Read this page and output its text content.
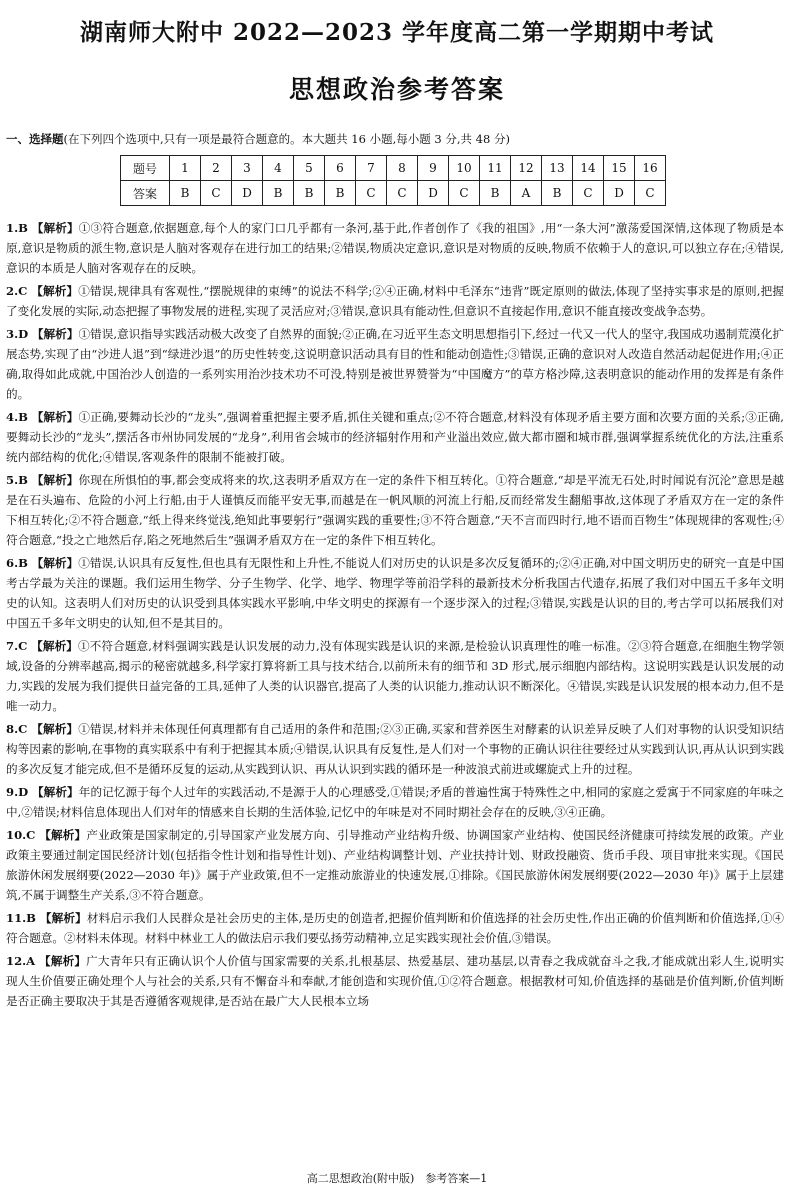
湖南师大附中 2022—2023 学年度高二第一学期期中考试
思想政治参考答案
一、选择题(在下列四个选项中,只有一项是最符合题意的。本大题共 16 小题,每小题 3 分,共 48 分)
题号	1	2	3	4	5	6	7	8	9	10	11	12	13	14	15	16
答案	B	C	D	B	B	B	C	C	D	C	B	A	B	C	D	C
1.B 【解析】①③符合题意,依据题意,每个人的家门口几乎都有一条河,基于此,作者创作了《我的祖国》,用“一条大河”激荡爱国深情,这体现了物质是本原,意识是物质的派生物,意识是人脑对客观存在进行加工的结果;②错误,物质决定意识,意识是对物质的反映,物质不依赖于人的意识,可以独立存在;④错误,意识的本质是人脑对客观存在的反映。
2.C 【解析】①错误,规律具有客观性,“摆脱规律的束缚”的说法不科学;②④正确,材料中毛泽东“违背”既定原则的做法,体现了坚持实事求是的原则,把握了变化发展的实际,动态把握了事物发展的进程,实现了灵活应对;③错误,意识具有能动性,但意识不直接起作用,意识不能直接改变战争态势。
3.D 【解析】①错误,意识指导实践活动极大改变了自然界的面貌;②正确,在习近平生态文明思想指引下,经过一代又一代人的坚守,我国成功遏制荒漠化扩展态势,实现了由“沙进人退”到“绿进沙退”的历史性转变,这说明意识活动具有目的性和能动创造性;③错误,正确的意识对人改造自然活动起促进作用;④正确,取得如此成就,中国治沙人创造的一系列实用治沙技术功不可没,特别是被世界赞誉为“中国魔方”的草方格沙障,这表明意识的能动作用的发挥是有条件的。
4.B 【解析】①正确,要舞动长沙的“龙头”,强调着重把握主要矛盾,抓住关键和重点;②不符合题意,材料没有体现矛盾主要方面和次要方面的关系;③正确,要舞动长沙的“龙头”,摆活各市州协同发展的“龙身”,利用省会城市的经济辐射作用和产业溢出效应,做大都市圈和城市群,强调掌握系统优化的方法,注重系统内部结构的优化;④错误,客观条件的限制不能被打破。
5.B 【解析】你现在所惧怕的事,都会变成将来的坎,这表明矛盾双方在一定的条件下相互转化。①符合题意,“却是平流无石处,时时闻说有沉沦”意思是越是在石头遍布、危险的小河上行船,由于人谨慎反而能平安无事,而越是在一帆风顺的河流上行船,反而经常发生翻船事故,这体现了矛盾双方在一定的条件下相互转化;②不符合题意,“纸上得来终觉浅,绝知此事要躬行”强调实践的重要性;③不符合题意,“天不言而四时行,地不语而百物生”体现规律的客观性;④符合题意,“投之亡地然后存,陷之死地然后生”强调矛盾双方在一定的条件下相互转化。
6.B 【解析】①错误,认识具有反复性,但也具有无限性和上升性,不能说人们对历史的认识是多次反复循环的;②④正确,对中国文明历史的研究一直是中国考古学最为关注的课题。我们运用生物学、分子生物学、化学、地学、物理学等前沿学科的最新技术分析我国古代遗存,拓展了我们对中国五千多年文明史的认知。这表明人们对历史的认识受到具体实践水平影响,中华文明史的探源有一个逐步深入的过程;③错误,实践是认识的目的,考古学可以拓展我们对中国五千多年文明史的认知,但不是其目的。
7.C 【解析】①不符合题意,材料强调实践是认识发展的动力,没有体现实践是认识的来源,是检验认识真理性的唯一标准。②③符合题意,在细胞生物学领域,设备的分辨率越高,揭示的秘密就越多,科学家打算将新工具与技术结合,以前所未有的细节和 3D 形式,展示细胞内部结构。这说明实践是认识发展的动力,实践的发展为我们提供日益完备的工具,延伸了人类的认识器官,提高了人类的认识能力,推动认识不断深化。④错误,实践是认识发展的根本动力,但不是唯一动力。
8.C 【解析】①错误,材料并未体现任何真理都有自己适用的条件和范围;②③正确,买家和营养医生对酵素的认识差异反映了人们对事物的认识受知识结构等因素的影响,在事物的真实联系中有利于把握其本质;④错误,认识具有反复性,是人们对一个事物的正确认识往往要经过从实践到认识,再从认识到实践的多次反复才能完成,但不是循环反复的运动,从实践到认识、再从认识到实践的循环是一种波浪式前进或螺旋式上升的过程。
9.D 【解析】年的记忆源于每个人过年的实践活动,不是源于人的心理感受,①错误;矛盾的普遍性寓于特殊性之中,相同的家庭之爱寓于不同家庭的年味之中,②错误;材料信息体现出人们对年的情感来自长期的生活体验,记忆中的年味是对不同时期社会存在的反映,③④正确。
10.C 【解析】产业政策是国家制定的,引导国家产业发展方向、引导推动产业结构升级、协调国家产业结构、使国民经济健康可持续发展的政策。产业政策主要通过制定国民经济计划(包括指令性计划和指导性计划)、产业结构调整计划、产业扶持计划、财政投融资、货币手段、项目审批来实现。《国民旅游休闲发展纲要(2022—2030 年)》属于产业政策,但不一定推动旅游业的快速发展,①排除。《国民旅游休闲发展纲要(2022—2030 年)》属于上层建筑,不属于调整生产关系,③不符合题意。
11.B 【解析】材料启示我们人民群众是社会历史的主体,是历史的创造者,把握价值判断和价值选择的社会历史性,作出正确的价值判断和价值选择,①④符合题意。②材料未体现。材料中林业工人的做法启示我们要弘扬劳动精神,立足实践实现社会价值,③错误。
12.A 【解析】广大青年只有正确认识个人价值与国家需要的关系,扎根基层、热爱基层、建功基层,以青春之我成就奋斗之我,才能成就出彩人生,说明实现人生价值要正确处理个人与社会的关系,只有不懈奋斗和奉献,才能创造和实现价值,①②符合题意。根据教材可知,价值选择的基础是价值判断,价值判断是否正确主要取决于其是否遵循客观规律,是否站在最广大人民根本立场
高二思想政治(附中版)　参考答案—1
